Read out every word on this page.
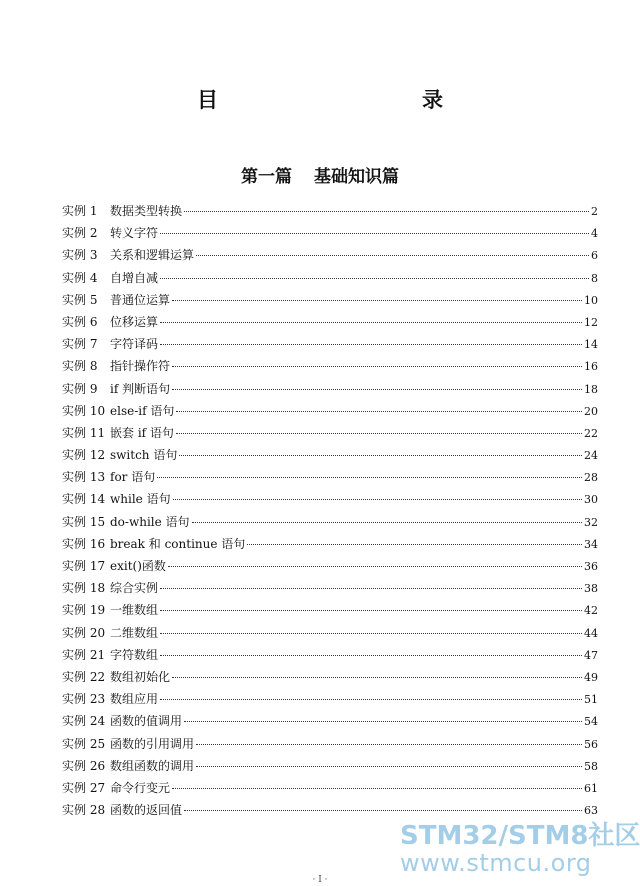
目　　录
第一篇 基础知识篇
实例 1	数据类型转换	2
实例 2	转义字符	4
实例 3	关系和逻辑运算	6
实例 4	自增自减	8
实例 5	普通位运算	10
实例 6	位移运算	12
实例 7	字符译码	14
实例 8	指针操作符	16
实例 9	if 判断语句	18
实例 10 else-if 语句	20
实例 11 嵌套 if 语句	22
实例 12 switch 语句	24
实例 13 for 语句	28
实例 14 while 语句	30
实例 15 do-while 语句	32
实例 16 break 和 continue 语句	34
实例 17 exit()函数	36
实例 18 综合实例	38
实例 19 一维数组	42
实例 20 二维数组	44
实例 21 字符数组	47
实例 22 数组初始化	49
实例 23 数组应用	51
实例 24 函数的值调用	54
实例 25 函数的引用调用	56
实例 26 数组函数的调用	58
实例 27 命令行变元	61
实例 28 函数的返回值	63
STM32/STM8社区
www.stmcu.org
· Ⅰ ·
